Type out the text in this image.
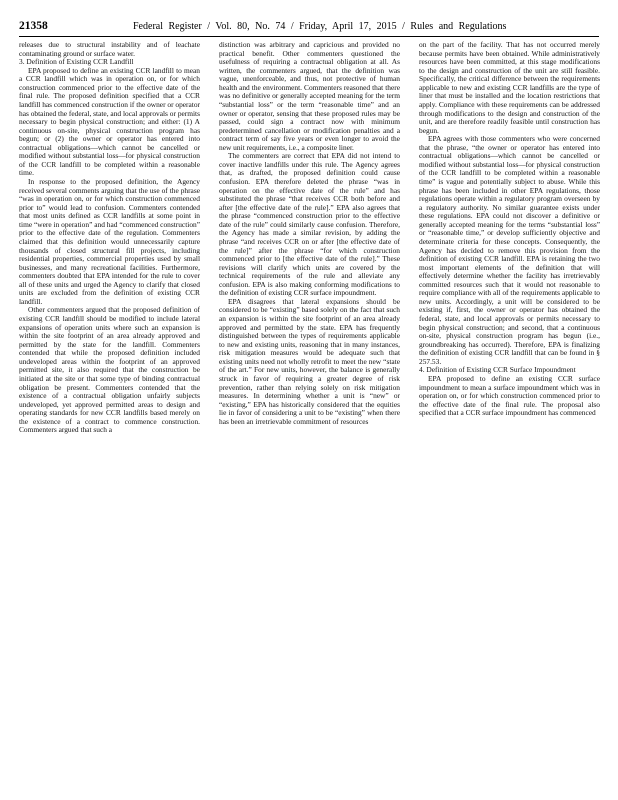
21358	Federal Register / Vol. 80, No. 74 / Friday, April 17, 2015 / Rules and Regulations

releases due to structural instability and of leachate contaminating ground or surface water.

3. Definition of Existing CCR Landfill

EPA proposed to define an existing CCR landfill to mean a CCR landfill which was in operation on, or for which construction commenced prior to the effective date of the final rule. The proposed definition specified that a CCR landfill has commenced construction if the owner or operator has obtained the federal, state, and local approvals or permits necessary to begin physical construction; and either: (1) A continuous on-site, physical construction program has begun; or (2) the owner or operator has entered into contractual obligations—which cannot be cancelled or modified without substantial loss—for physical construction of the CCR landfill to be completed within a reasonable time.

In response to the proposed definition, the Agency received several comments arguing that the use of the phrase “was in operation on, or for which construction commenced prior to” would lead to confusion. Commenters contended that most units defined as CCR landfills at some point in time “were in operation” and had “commenced construction” prior to the effective date of the regulation. Commenters claimed that this definition would unnecessarily capture thousands of closed structural fill projects, including residential properties, commercial properties used by small businesses, and many recreational facilities. Furthermore, commenters doubted that EPA intended for the rule to cover all of these units and urged the Agency to clarify that closed units are excluded from the definition of existing CCR landfill.

Other commenters argued that the proposed definition of existing CCR landfill should be modified to include lateral expansions of operation units where such an expansion is within the site footprint of an area already approved and permitted by the state for the landfill. Commenters contended that while the proposed definition included undeveloped areas within the footprint of an approved permitted site, it also required that the construction be initiated at the site or that some type of binding contractual obligation be present. Commenters contended that the existence of a contractual obligation unfairly subjects undeveloped, yet approved permitted areas to design and operating standards for new CCR landfills based merely on the existence of a contract to commence construction. Commenters argued that such a

distinction was arbitrary and capricious and provided no practical benefit. Other commenters questioned the usefulness of requiring a contractual obligation at all. As written, the commenters argued, that the definition was vague, unenforceable, and thus, not protective of human health and the environment. Commenters reasoned that there was no definitive or generally accepted meaning for the term “substantial loss” or the term “reasonable time” and an owner or operator, sensing that these proposed rules may be passed, could sign a contract now with minimum predetermined cancellation or modification penalties and a contract term of say five years or even longer to avoid the new unit requirements, i.e., a composite liner.

The commenters are correct that EPA did not intend to cover inactive landfills under this rule. The Agency agrees that, as drafted, the proposed definition could cause confusion. EPA therefore deleted the phrase “was in operation on the effective date of the rule” and has substituted the phrase “that receives CCR both before and after [the effective date of the rule].” EPA also agrees that the phrase “commenced construction prior to the effective date of the rule” could similarly cause confusion. Therefore, the Agency has made a similar revision, by adding the phrase “and receives CCR on or after [the effective date of the rule]” after the phrase “for which construction commenced prior to [the effective date of the rule].” These revisions will clarify which units are covered by the technical requirements of the rule and alleviate any confusion. EPA is also making conforming modifications to the definition of existing CCR surface impoundment.

EPA disagrees that lateral expansions should be considered to be “existing” based solely on the fact that such an expansion is within the site footprint of an area already approved and permitted by the state. EPA has frequently distinguished between the types of requirements applicable to new and existing units, reasoning that in many instances, risk mitigation measures would be adequate such that existing units need not wholly retrofit to meet the new “state of the art.” For new units, however, the balance is generally struck in favor of requiring a greater degree of risk prevention, rather than relying solely on risk mitigation measures. In determining whether a unit is “new” or “existing,” EPA has historically considered that the equities lie in favor of considering a unit to be “existing” when there has been an irretrievable commitment of resources

on the part of the facility. That has not occurred merely because permits have been obtained. While administratively resources have been committed, at this stage modifications to the design and construction of the unit are still feasible. Specifically, the critical difference between the requirements applicable to new and existing CCR landfills are the type of liner that must be installed and the location restrictions that apply. Compliance with these requirements can be addressed through modifications to the design and construction of the unit, and are therefore readily feasible until construction has begun.

EPA agrees with those commenters who were concerned that the phrase, “the owner or operator has entered into contractual obligations—which cannot be cancelled or modified without substantial loss—for physical construction of the CCR landfill to be completed within a reasonable time” is vague and potentially subject to abuse. While this phrase has been included in other EPA regulations, those regulations operate within a regulatory program overseen by a regulatory authority. No similar guarantee exists under these regulations. EPA could not discover a definitive or generally accepted meaning for the terms “substantial loss” or “reasonable time,” or develop sufficiently objective and determinate criteria for these concepts. Consequently, the Agency has decided to remove this provision from the definition of existing CCR landfill. EPA is retaining the two most important elements of the definition that will effectively determine whether the facility has irretrievably committed resources such that it would not reasonable to require compliance with all of the requirements applicable to new units. Accordingly, a unit will be considered to be existing if, first, the owner or operator has obtained the federal, state, and local approvals or permits necessary to begin physical construction; and second, that a continuous on-site, physical construction program has begun (i.e., groundbreaking has occurred). Therefore, EPA is finalizing the definition of existing CCR landfill that can be found in § 257.53.

4. Definition of Existing CCR Surface Impoundment

EPA proposed to define an existing CCR surface impoundment to mean a surface impoundment which was in operation on, or for which construction commenced prior to the effective date of the final rule. The proposal also specified that a CCR surface impoundment has commenced
